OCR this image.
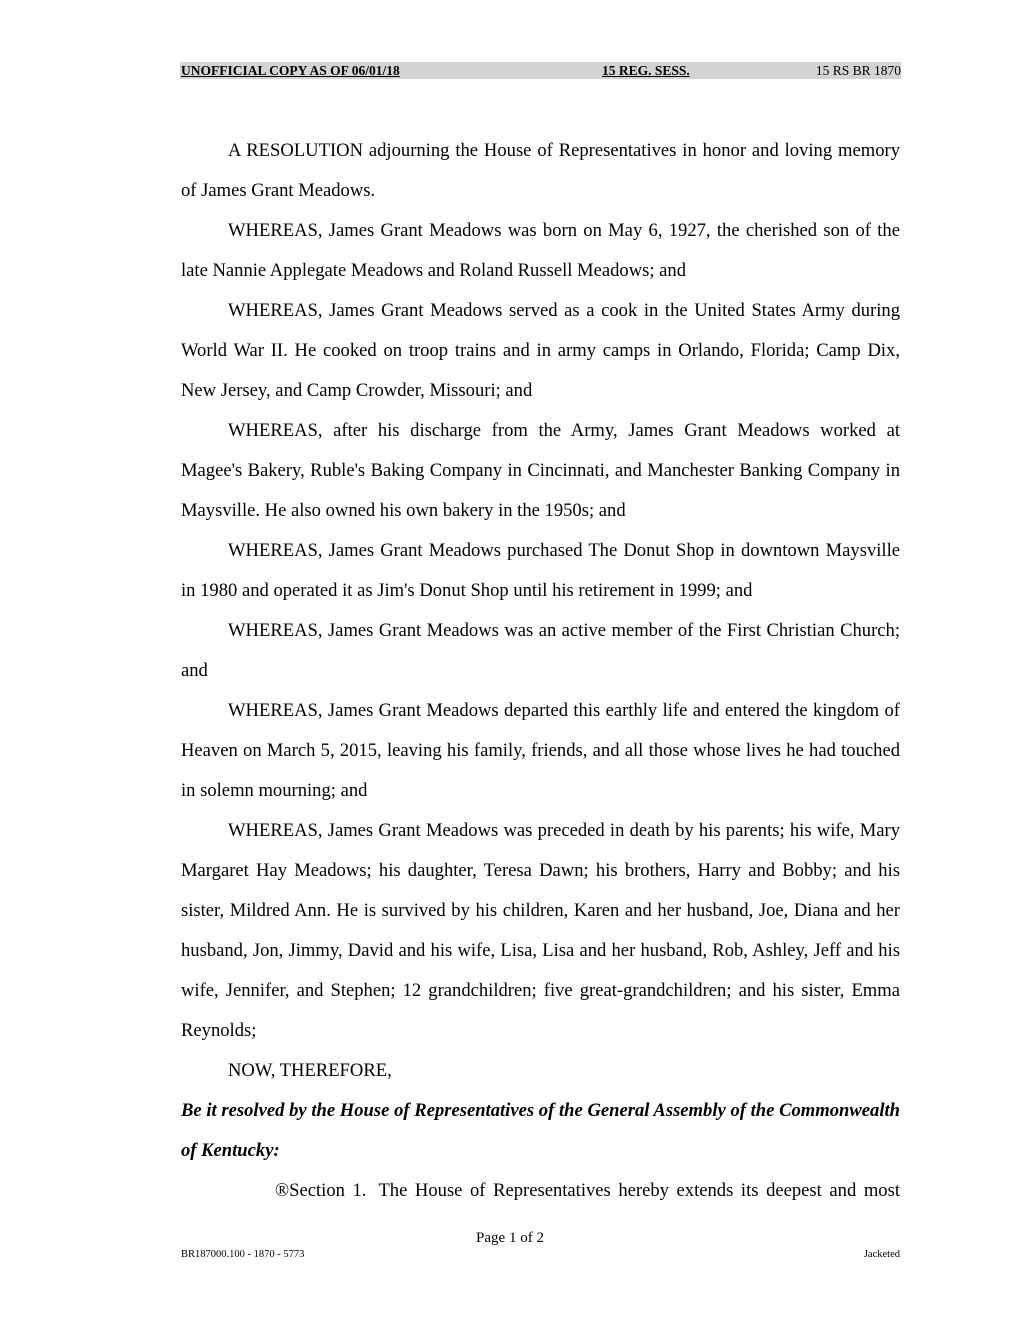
UNOFFICIAL COPY AS OF 06/01/18	15 REG. SESS.	15 RS BR 1870

A RESOLUTION adjourning the House of Representatives in honor and loving memory of James Grant Meadows.

WHEREAS, James Grant Meadows was born on May 6, 1927, the cherished son of the late Nannie Applegate Meadows and Roland Russell Meadows; and

WHEREAS, James Grant Meadows served as a cook in the United States Army during World War II. He cooked on troop trains and in army camps in Orlando, Florida; Camp Dix, New Jersey, and Camp Crowder, Missouri; and

WHEREAS, after his discharge from the Army, James Grant Meadows worked at Magee's Bakery, Ruble's Baking Company in Cincinnati, and Manchester Banking Company in Maysville. He also owned his own bakery in the 1950s; and

WHEREAS, James Grant Meadows purchased The Donut Shop in downtown Maysville in 1980 and operated it as Jim's Donut Shop until his retirement in 1999; and

WHEREAS, James Grant Meadows was an active member of the First Christian Church; and

WHEREAS, James Grant Meadows departed this earthly life and entered the kingdom of Heaven on March 5, 2015, leaving his family, friends, and all those whose lives he had touched in solemn mourning; and

WHEREAS, James Grant Meadows was preceded in death by his parents; his wife, Mary Margaret Hay Meadows; his daughter, Teresa Dawn; his brothers, Harry and Bobby; and his sister, Mildred Ann. He is survived by his children, Karen and her husband, Joe, Diana and her husband, Jon, Jimmy, David and his wife, Lisa, Lisa and her husband, Rob, Ashley, Jeff and his wife, Jennifer, and Stephen; 12 grandchildren; five great-grandchildren; and his sister, Emma Reynolds;

NOW, THEREFORE,

Be it resolved by the House of Representatives of the General Assembly of the Commonwealth of Kentucky:

®Section 1. The House of Representatives hereby extends its deepest and most

Page 1 of 2
BR187000.100 - 1870 - 5773	Jacketed
